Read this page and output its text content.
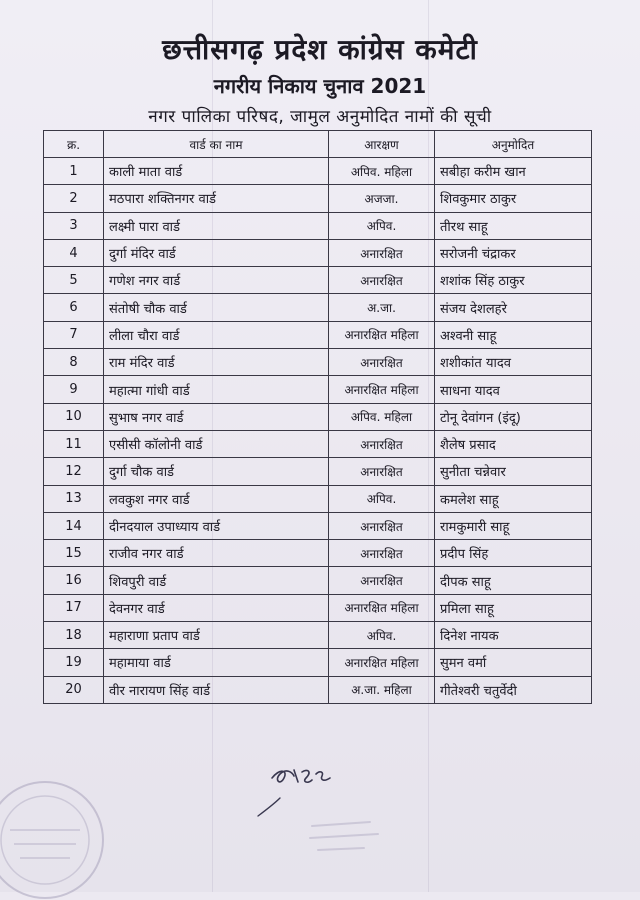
छत्तीसगढ़ प्रदेश कांग्रेस कमेटी
नगरीय निकाय चुनाव 2021
नगर पालिका परिषद, जामुल अनुमोदित नामों की सूची
क्र.	वार्ड का नाम	आरक्षण	अनुमोदित
1	काली माता वार्ड	अपिव. महिला	सबीहा करीम खान
2	मठपारा शक्तिनगर वार्ड	अजजा.	शिवकुमार ठाकुर
3	लक्ष्मी पारा वार्ड	अपिव.	तीरथ साहू
4	दुर्गा मंदिर वार्ड	अनारक्षित	सरोजनी चंद्राकर
5	गणेश नगर वार्ड	अनारक्षित	शशांक सिंह ठाकुर
6	संतोषी चौक वार्ड	अ.जा.	संजय देशलहरे
7	लीला चौरा वार्ड	अनारक्षित महिला	अश्वनी साहू
8	राम मंदिर वार्ड	अनारक्षित	शशीकांत यादव
9	महात्मा गांधी वार्ड	अनारक्षित महिला	साधना यादव
10	सुभाष नगर वार्ड	अपिव. महिला	टोनू देवांगन (इंदू)
11	एसीसी कॉलोनी वार्ड	अनारक्षित	शैलेष प्रसाद
12	दुर्गा चौक वार्ड	अनारक्षित	सुनीता चन्नेवार
13	लवकुश नगर वार्ड	अपिव.	कमलेश साहू
14	दीनदयाल उपाध्याय वार्ड	अनारक्षित	रामकुमारी साहू
15	राजीव नगर वार्ड	अनारक्षित	प्रदीप सिंह
16	शिवपुरी वार्ड	अनारक्षित	दीपक साहू
17	देवनगर वार्ड	अनारक्षित महिला	प्रमिला साहू
18	महाराणा प्रताप वार्ड	अपिव.	दिनेश नायक
19	महामाया वार्ड	अनारक्षित महिला	सुमन वर्मा
20	वीर नारायण सिंह वार्ड	अ.जा. महिला	गीतेश्वरी चतुर्वेदी
